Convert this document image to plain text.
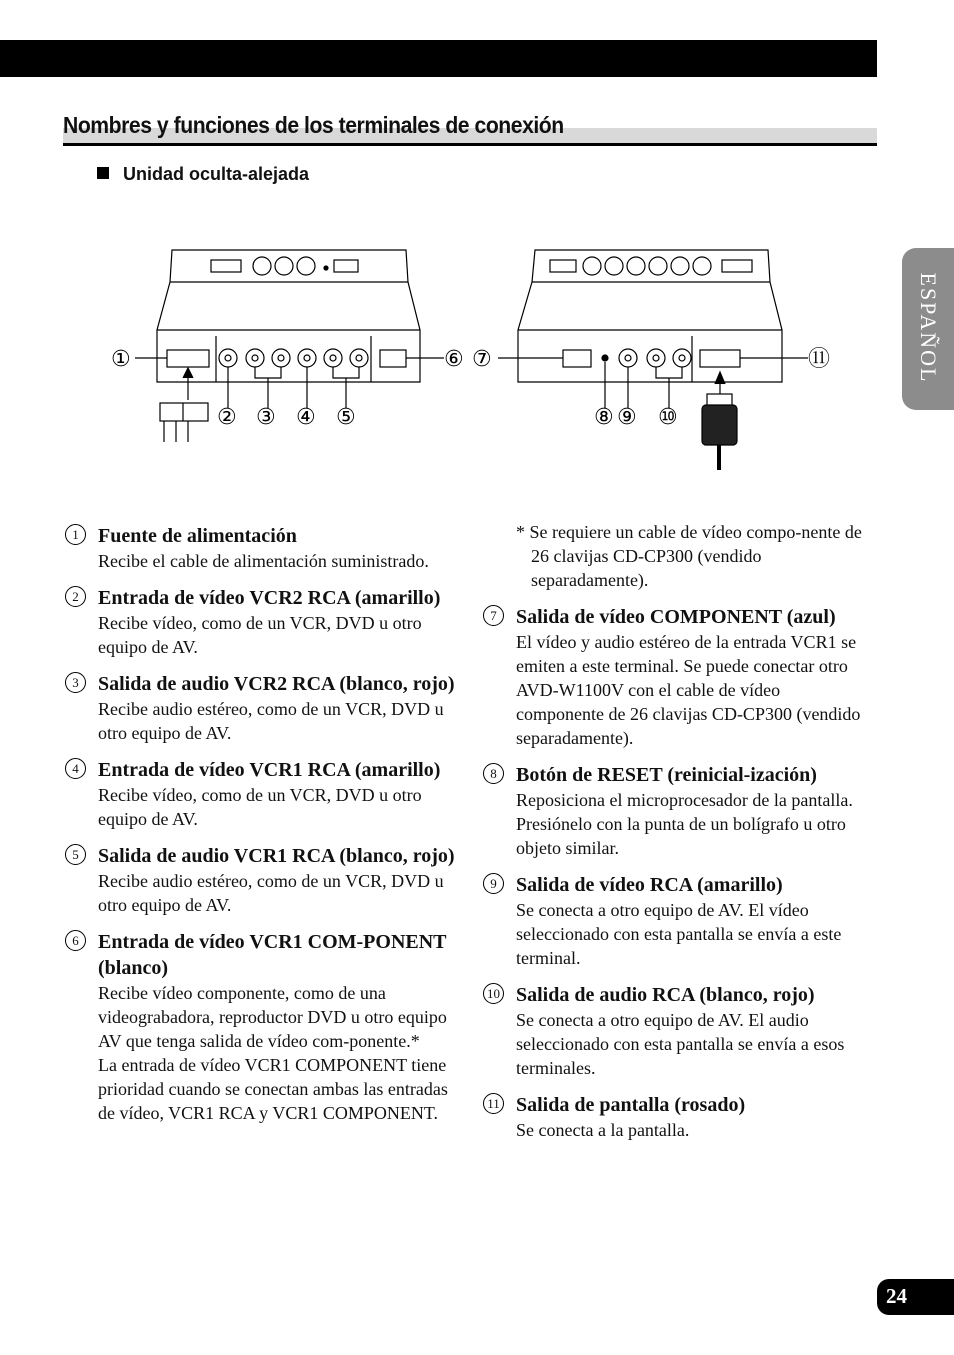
Nombres y funciones de los terminales de conexión
Unidad oculta-alejada
ESPAÑOL
24
①
② ③ ④ ⑤
⑥ ⑦
⑧ ⑨ ⑩
⑪
1 Fuente de alimentación

Recibe el cable de alimentación suministrado.

2 Entrada de vídeo VCR2 RCA (amarillo)

Recibe vídeo, como de un VCR, DVD u otro equipo de AV.

3 Salida de audio VCR2 RCA (blanco, rojo)

Recibe audio estéreo, como de un VCR, DVD u otro equipo de AV.

4 Entrada de vídeo VCR1 RCA (amarillo)

Recibe vídeo, como de un VCR, DVD u otro equipo de AV.

5 Salida de audio VCR1 RCA (blanco, rojo)

Recibe audio estéreo, como de un VCR, DVD u otro equipo de AV.

6 Entrada de vídeo VCR1 COM-PONENT (blanco)

Recibe vídeo componente, como de una videograbadora, reproductor DVD u otro equipo AV que tenga salida de vídeo com-ponente.*

La entrada de vídeo VCR1 COMPONENT tiene prioridad cuando se conectan ambas las entradas de vídeo, VCR1 RCA y VCR1 COMPONENT.

* Se requiere un cable de vídeo compo-nente de 26 clavijas CD-CP300 (vendido separadamente).

7 Salida de vídeo COMPONENT (azul)

El vídeo y audio estéreo de la entrada VCR1 se emiten a este terminal. Se puede conectar otro AVD-W1100V con el cable de vídeo componente de 26 clavijas CD-CP300 (vendido separadamente).

8 Botón de RESET (reinicial-ización)

Reposiciona el microprocesador de la pantalla.

Presiónelo con la punta de un bolígrafo u otro objeto similar.

9 Salida de vídeo RCA (amarillo)

Se conecta a otro equipo de AV. El vídeo seleccionado con esta pantalla se envía a este terminal.

10 Salida de audio RCA (blanco, rojo)

Se conecta a otro equipo de AV. El audio seleccionado con esta pantalla se envía a esos terminales.

11 Salida de pantalla (rosado)

Se conecta a la pantalla.
